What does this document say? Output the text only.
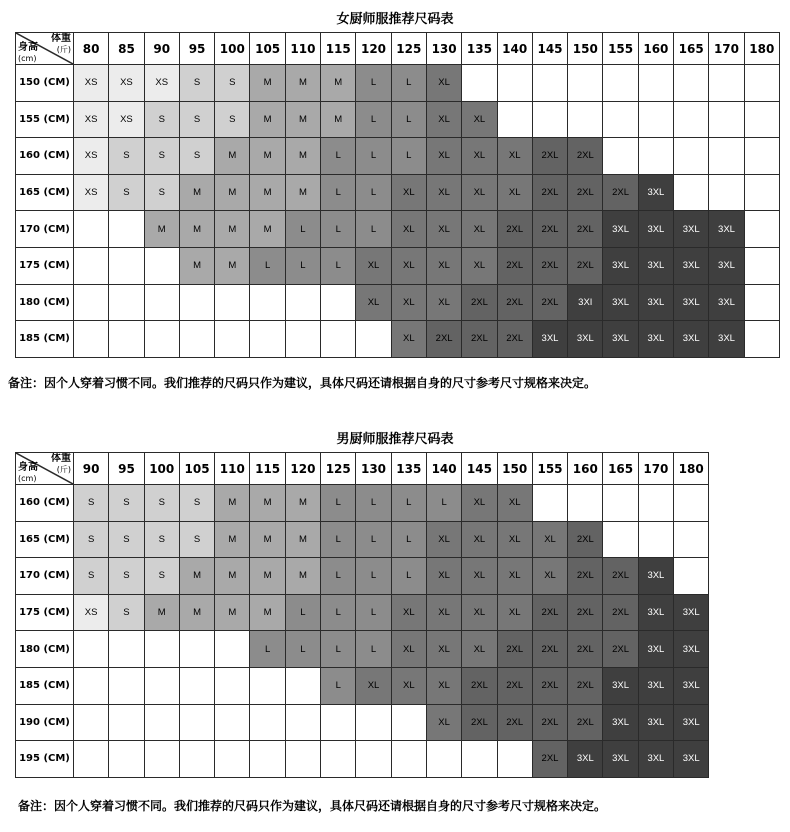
女厨师服推荐尺码表
体重
(斤)
身高
(cm)	80	85	90	95	100	105	110	115	120	125	130	135	140	145	150	155	160	165	170	180
150 (CM)	XS	XS	XS	S	S	M	M	M	L	L	XL									
155 (CM)	XS	XS	S	S	S	M	M	M	L	L	XL	XL								
160 (CM)	XS	S	S	S	M	M	M	L	L	L	XL	XL	XL	2XL	2XL					
165 (CM)	XS	S	S	M	M	M	M	L	L	XL	XL	XL	XL	2XL	2XL	2XL	3XL			
170 (CM)			M	M	M	M	L	L	L	XL	XL	XL	2XL	2XL	2XL	3XL	3XL	3XL	3XL	
175 (CM)				M	M	L	L	L	XL	XL	XL	XL	2XL	2XL	2XL	3XL	3XL	3XL	3XL	
180 (CM)									XL	XL	XL	2XL	2XL	2XL	3XI	3XL	3XL	3XL	3XL	
185 (CM)										XL	2XL	2XL	2XL	3XL	3XL	3XL	3XL	3XL	3XL	
备注：因个人穿着习惯不同。我们推荐的尺码只作为建议，具体尺码还请根据自身的尺寸参考尺寸规格来决定。
男厨师服推荐尺码表
体重
(斤)
身高
(cm)	90	95	100	105	110	115	120	125	130	135	140	145	150	155	160	165	170	180
160 (CM)	S	S	S	S	M	M	M	L	L	L	L	XL	XL					
165 (CM)	S	S	S	S	M	M	M	L	L	L	XL	XL	XL	XL	2XL			
170 (CM)	S	S	S	M	M	M	M	L	L	L	XL	XL	XL	XL	2XL	2XL	3XL	
175 (CM)	XS	S	M	M	M	M	L	L	L	XL	XL	XL	XL	2XL	2XL	2XL	3XL	3XL
180 (CM)						L	L	L	L	XL	XL	XL	2XL	2XL	2XL	2XL	3XL	3XL
185 (CM)								L	XL	XL	XL	2XL	2XL	2XL	2XL	3XL	3XL	3XL
190 (CM)											XL	2XL	2XL	2XL	2XL	3XL	3XL	3XL
195 (CM)														2XL	3XL	3XL	3XL	3XL
备注：因个人穿着习惯不同。我们推荐的尺码只作为建议，具体尺码还请根据自身的尺寸参考尺寸规格来决定。
